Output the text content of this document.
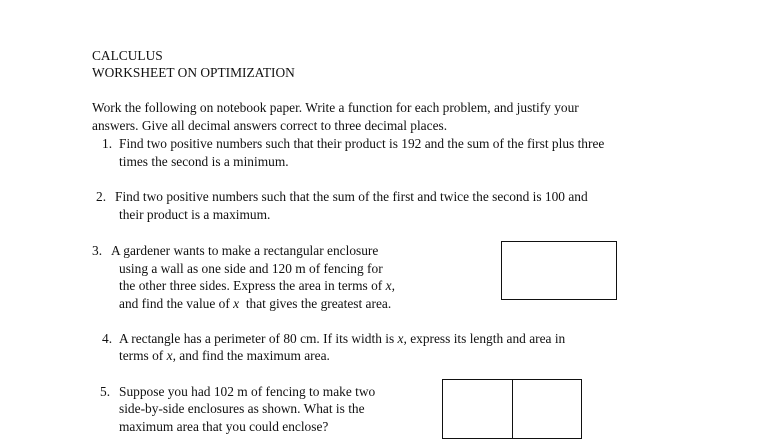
CALCULUS
WORKSHEET ON OPTIMIZATION
Work the following on notebook paper. Write a function for each problem, and justify your
answers. Give all decimal answers correct to three decimal places.
1. Find two positive numbers such that their product is 192 and the sum of the first plus three
times the second is a minimum.
2. Find two positive numbers such that the sum of the first and twice the second is 100 and
their product is a maximum.
3. A gardener wants to make a rectangular enclosure
using a wall as one side and 120 m of fencing for
the other three sides. Express the area in terms of x,
and find the value of x that gives the greatest area.
4. A rectangle has a perimeter of 80 cm. If its width is x, express its length and area in
terms of x, and find the maximum area.
5. Suppose you had 102 m of fencing to make two
side-by-side enclosures as shown. What is the
maximum area that you could enclose?
